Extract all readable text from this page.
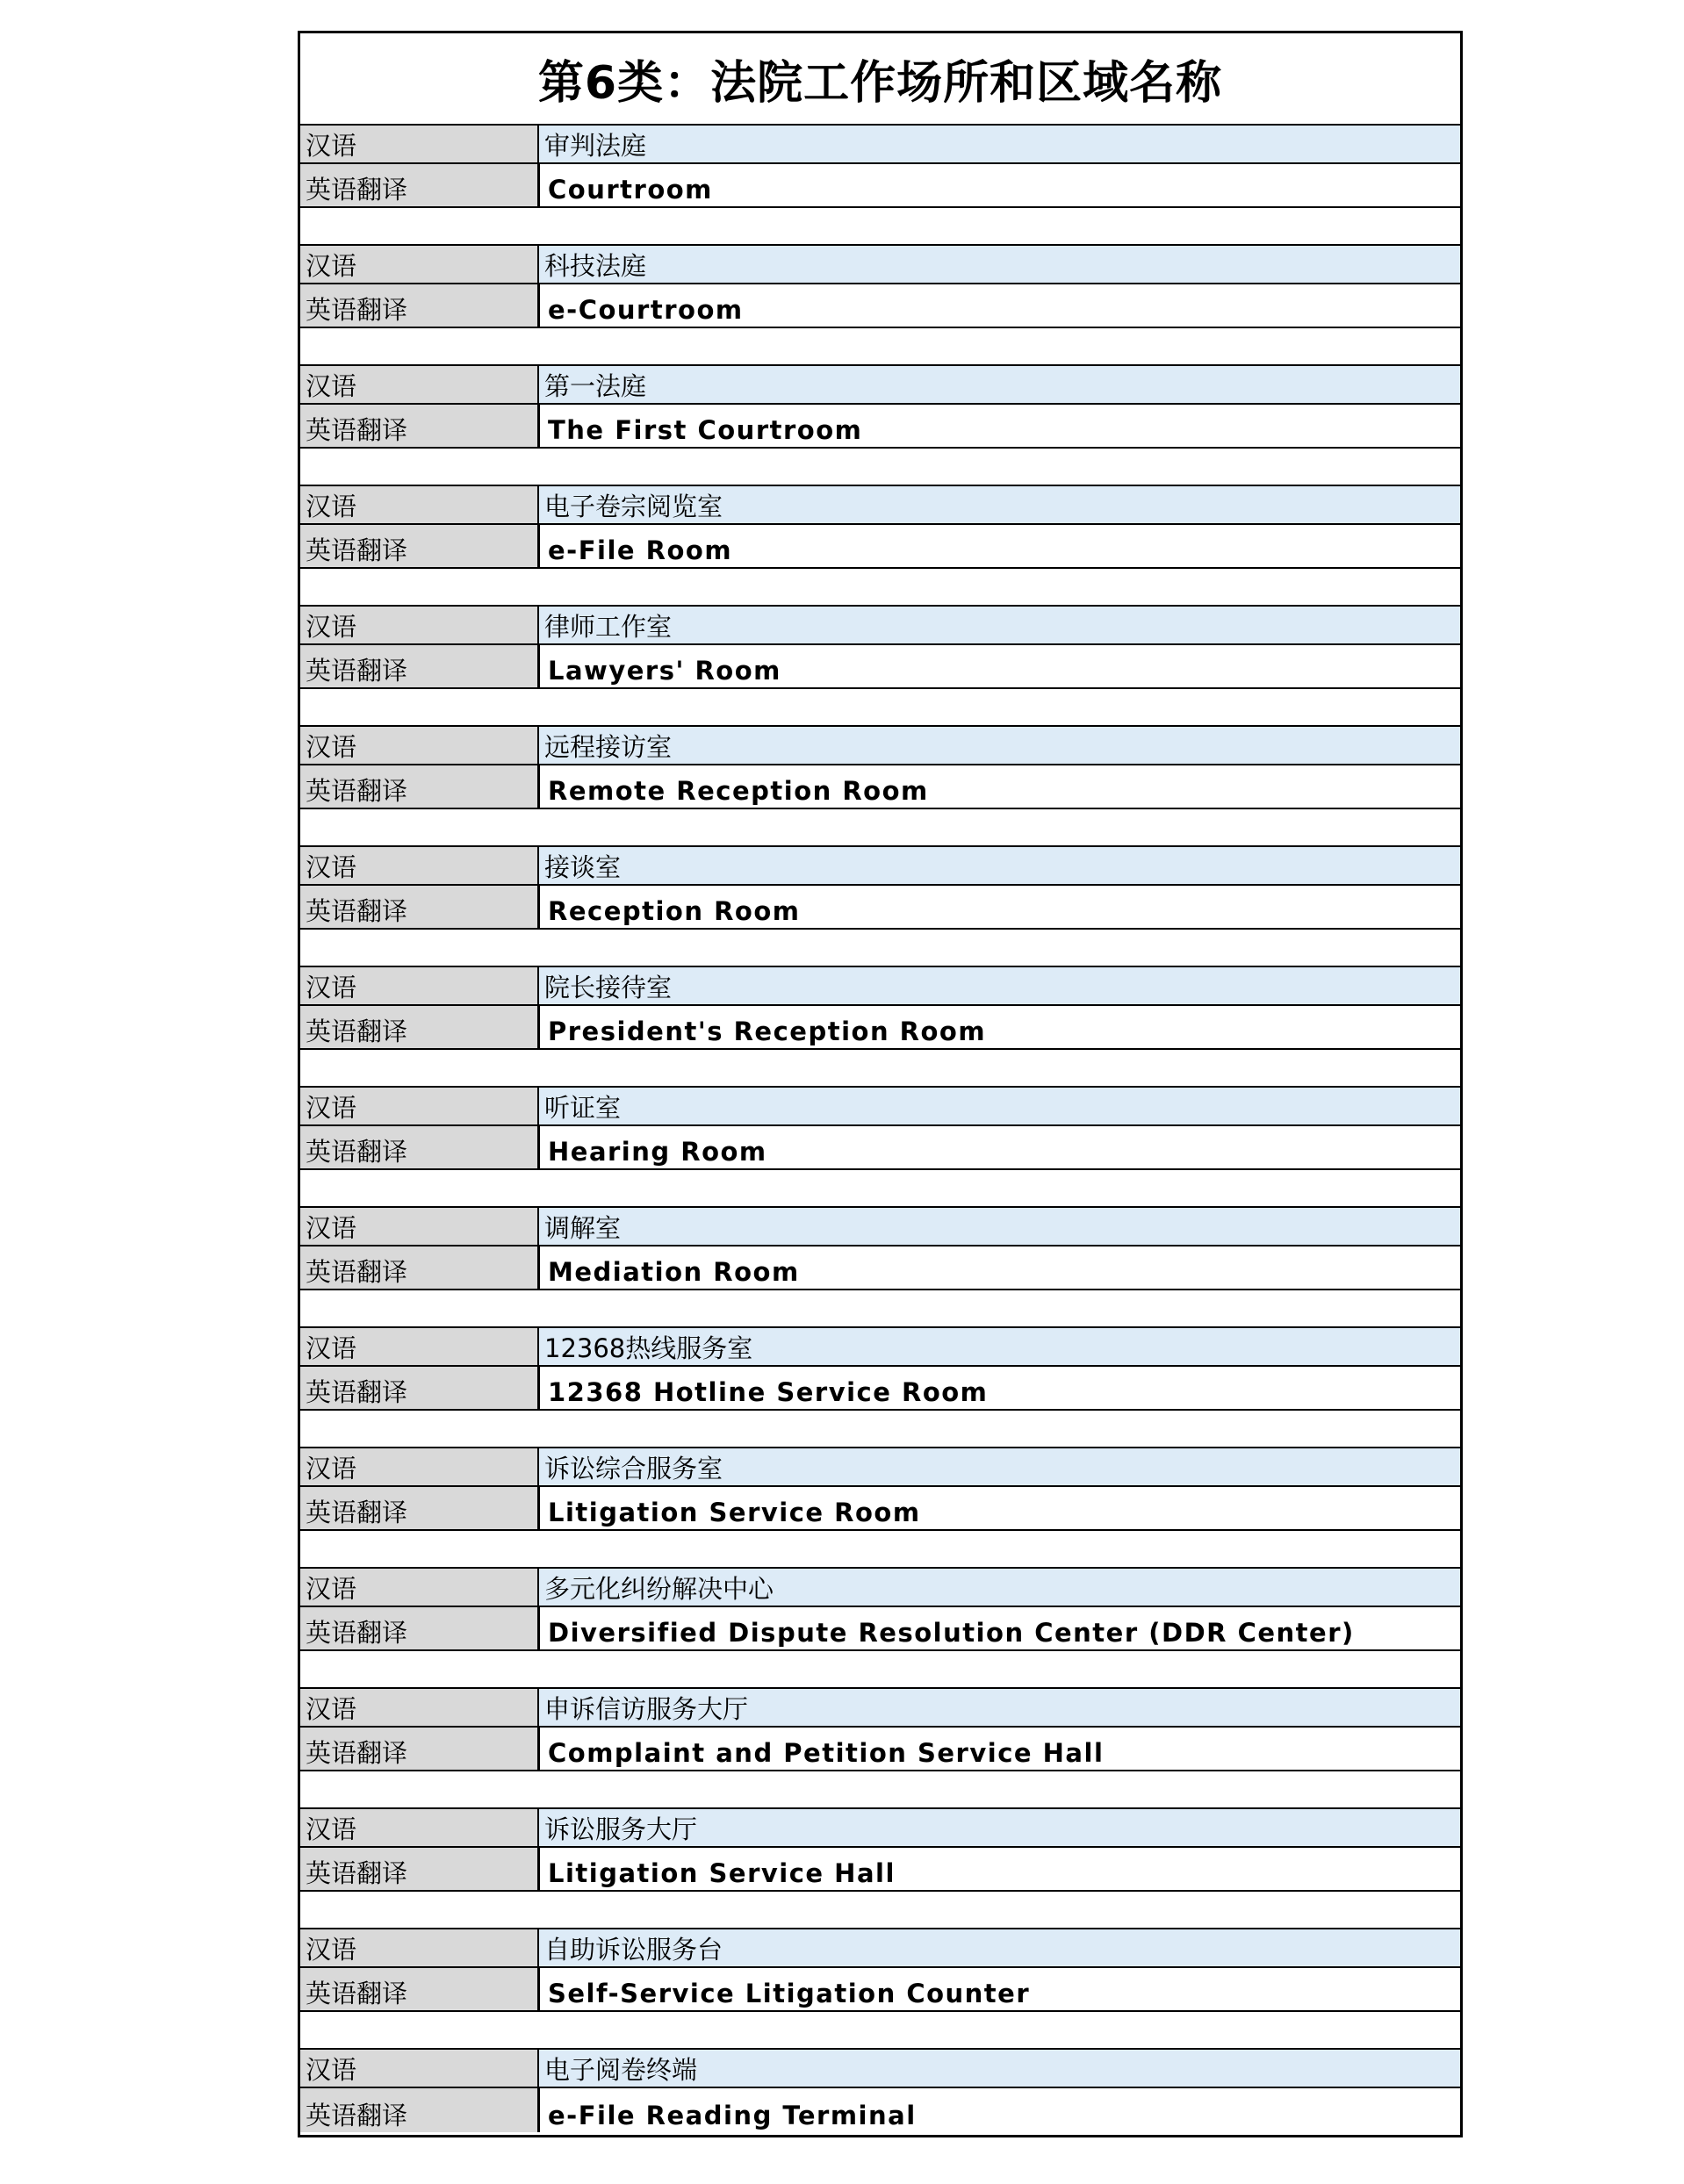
第6类：法院工作场所和区域名称
汉语	审判法庭
英语翻译	Courtroom
汉语	科技法庭
英语翻译	e-Courtroom
汉语	第一法庭
英语翻译	The First Courtroom
汉语	电子卷宗阅览室
英语翻译	e-File Room
汉语	律师工作室
英语翻译	Lawyers' Room
汉语	远程接访室
英语翻译	Remote Reception Room
汉语	接谈室
英语翻译	Reception Room
汉语	院长接待室
英语翻译	President's Reception Room
汉语	听证室
英语翻译	Hearing Room
汉语	调解室
英语翻译	Mediation Room
汉语	12368热线服务室
英语翻译	12368 Hotline Service Room
汉语	诉讼综合服务室
英语翻译	Litigation Service Room
汉语	多元化纠纷解决中心
英语翻译	Diversified Dispute Resolution Center (DDR Center)
汉语	申诉信访服务大厅
英语翻译	Complaint and Petition Service Hall
汉语	诉讼服务大厅
英语翻译	Litigation Service Hall
汉语	自助诉讼服务台
英语翻译	Self-Service Litigation Counter
汉语	电子阅卷终端
英语翻译	e-File Reading Terminal
